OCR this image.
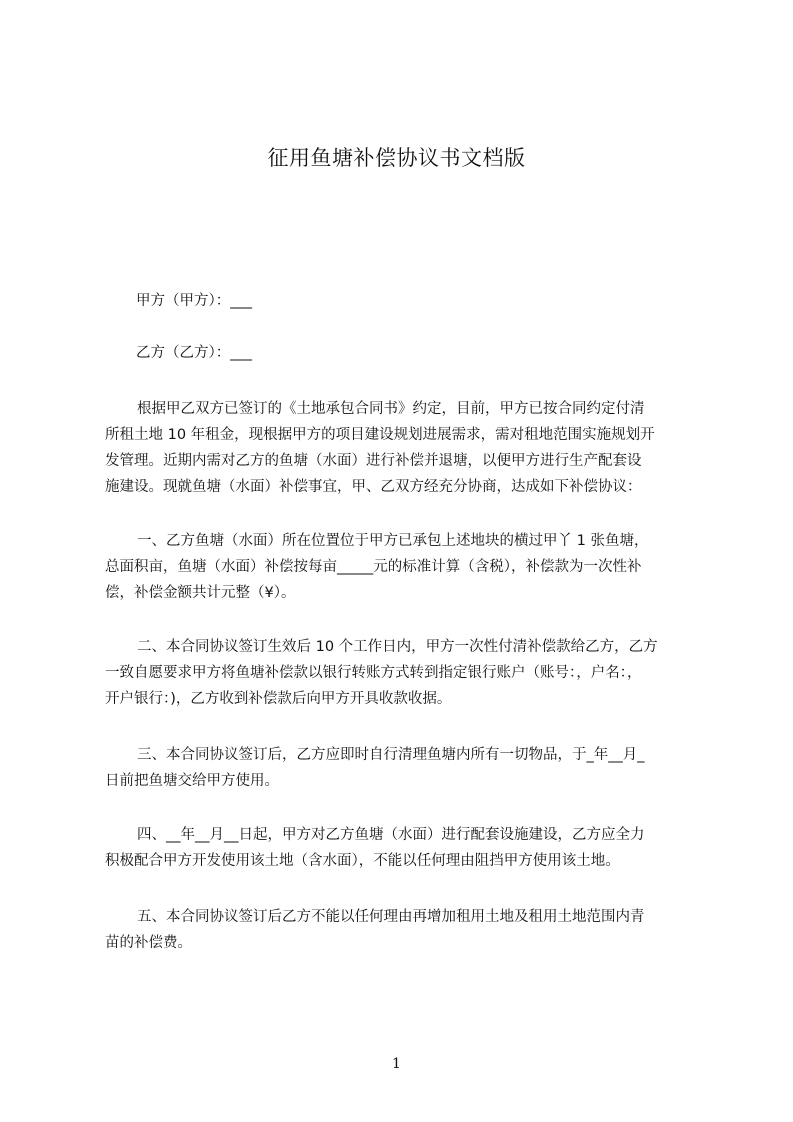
征用鱼塘补偿协议书文档版
甲方（甲方）：___
乙方（乙方）：___
根据甲乙双方已签订的《土地承包合同书》约定，目前，甲方已按合同约定付清
所租土地 10 年租金，现根据甲方的项目建设规划进展需求，需对租地范围实施规划开
发管理。近期内需对乙方的鱼塘（水面）进行补偿并退塘，以便甲方进行生产配套设
施建设。现就鱼塘（水面）补偿事宜，甲、乙双方经充分协商，达成如下补偿协议：
一、乙方鱼塘（水面）所在位置位于甲方已承包上述地块的横过甲丫 1 张鱼塘，
总面积亩，鱼塘（水面）补偿按每亩_____元的标准计算（含税），补偿款为一次性补
偿，补偿金额共计元整（¥）。
二、本合同协议签订生效后 10 个工作日内，甲方一次性付清补偿款给乙方，乙方
一致自愿要求甲方将鱼塘补偿款以银行转账方式转到指定银行账户（账号：，户名：，
开户银行：)，乙方收到补偿款后向甲方开具收款收据。
三、本合同协议签订后，乙方应即时自行清理鱼塘内所有一切物品，于_年__月_
日前把鱼塘交给甲方使用。
四、__年__月__日起，甲方对乙方鱼塘（水面）进行配套设施建设，乙方应全力
积极配合甲方开发使用该土地（含水面），不能以任何理由阻挡甲方使用该土地。
五、本合同协议签订后乙方不能以任何理由再增加租用土地及租用土地范围内青
苗的补偿费。
1
